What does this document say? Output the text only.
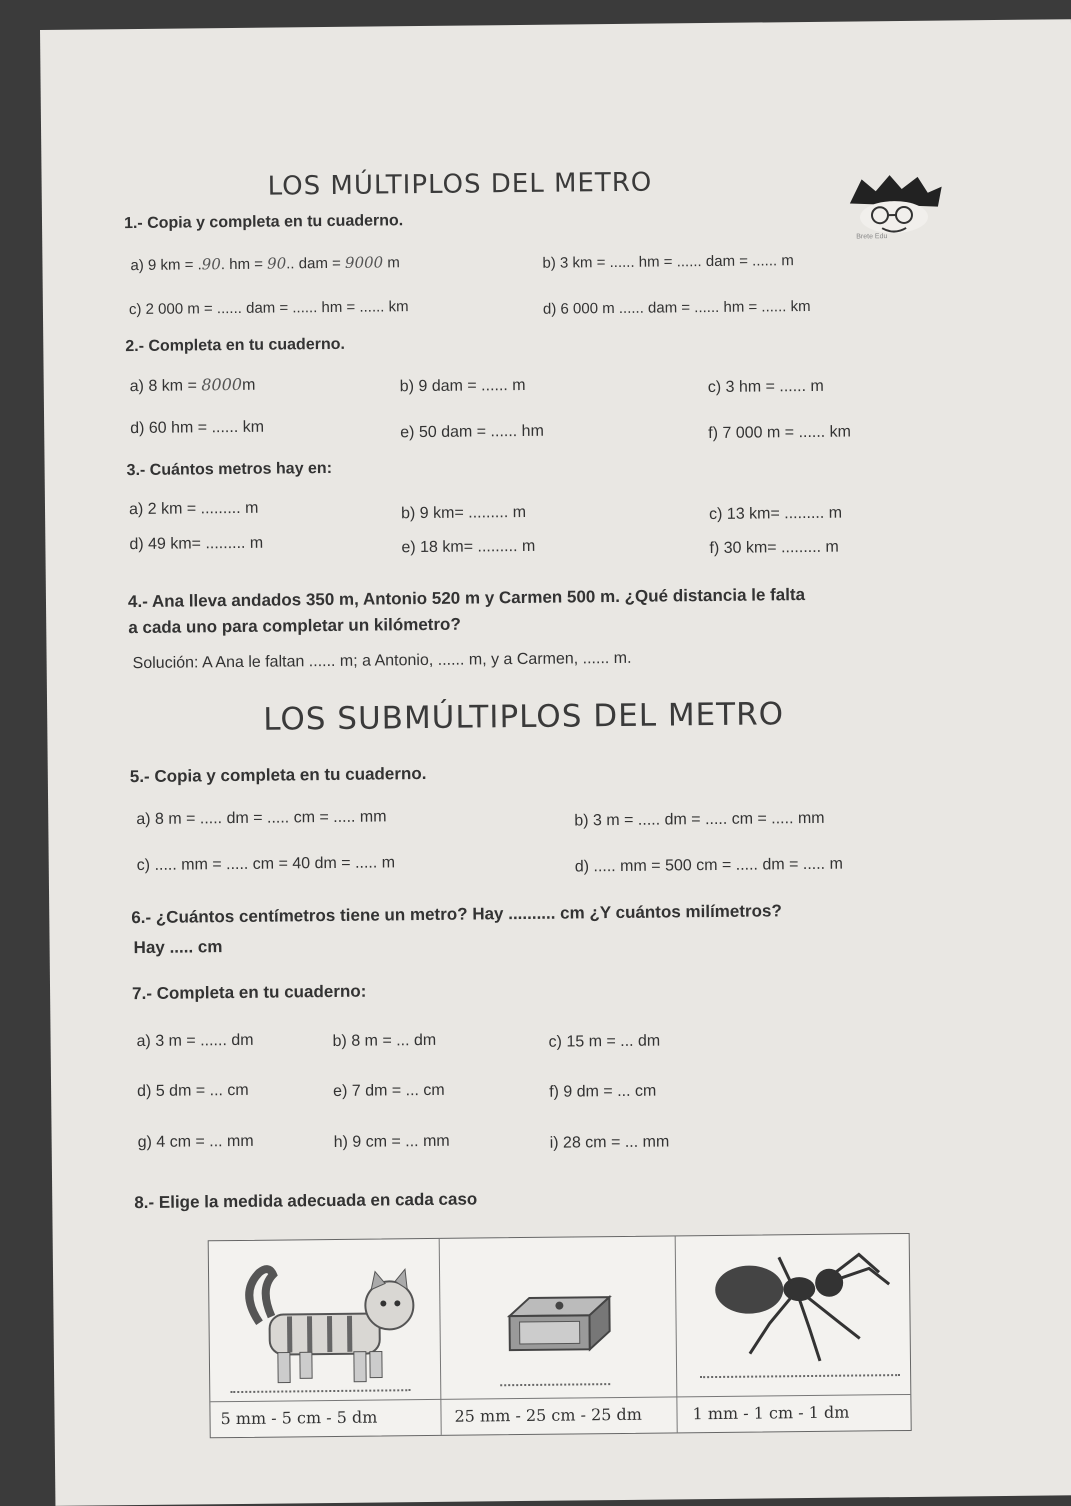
LOS MÚLTIPLOS DEL METRO
Brete Edu
1.- Copia y completa en tu cuaderno.
a) 9 km = .90. hm = 90.. dam = 9000 m	b) 3 km = ...... hm = ...... dam = ...... m
c) 2 000 m = ...... dam = ...... hm = ...... km	d) 6 000 m ...... dam = ...... hm = ...... km
2.- Completa en tu cuaderno.
a) 8 km = 8000m	b) 9 dam = ...... m	c) 3 hm = ...... m
d) 60 hm = ...... km	e) 50 dam = ...... hm	f) 7 000 m = ...... km
3.- Cuántos metros hay en:
a) 2 km = ......... m	b) 9 km= ......... m	c) 13 km= ......... m
d) 49 km= ......... m	e) 18 km= ......... m	f) 30 km= ......... m
4.- Ana lleva andados 350 m, Antonio 520 m y Carmen 500 m. ¿Qué distancia le falta
a cada uno para completar un kilómetro?
Solución: A Ana le faltan ...... m; a Antonio, ...... m, y a Carmen, ...... m.
LOS SUBMÚLTIPLOS DEL METRO
5.- Copia y completa en tu cuaderno.
a) 8 m = ..... dm = ..... cm = ..... mm	b) 3 m = ..... dm = ..... cm = ..... mm
c) ..... mm = ..... cm = 40 dm = ..... m	d) ..... mm = 500 cm = ..... dm = ..... m
6.- ¿Cuántos centímetros tiene un metro? Hay .......... cm ¿Y cuántos milímetros?
Hay ..... cm
7.- Completa en tu cuaderno:
a) 3 m = ...... dm	b) 8 m = ... dm	c) 15 m = ... dm
d) 5 dm = ... cm	e) 7 dm = ... cm	f) 9 dm = ... cm
g) 4 cm = ... mm	h) 9 cm = ... mm	i) 28 cm = ... mm
8.- Elige la medida adecuada en cada caso
5 mm - 5 cm - 5 dm	25 mm - 25 cm - 25 dm	1 mm - 1 cm - 1 dm
